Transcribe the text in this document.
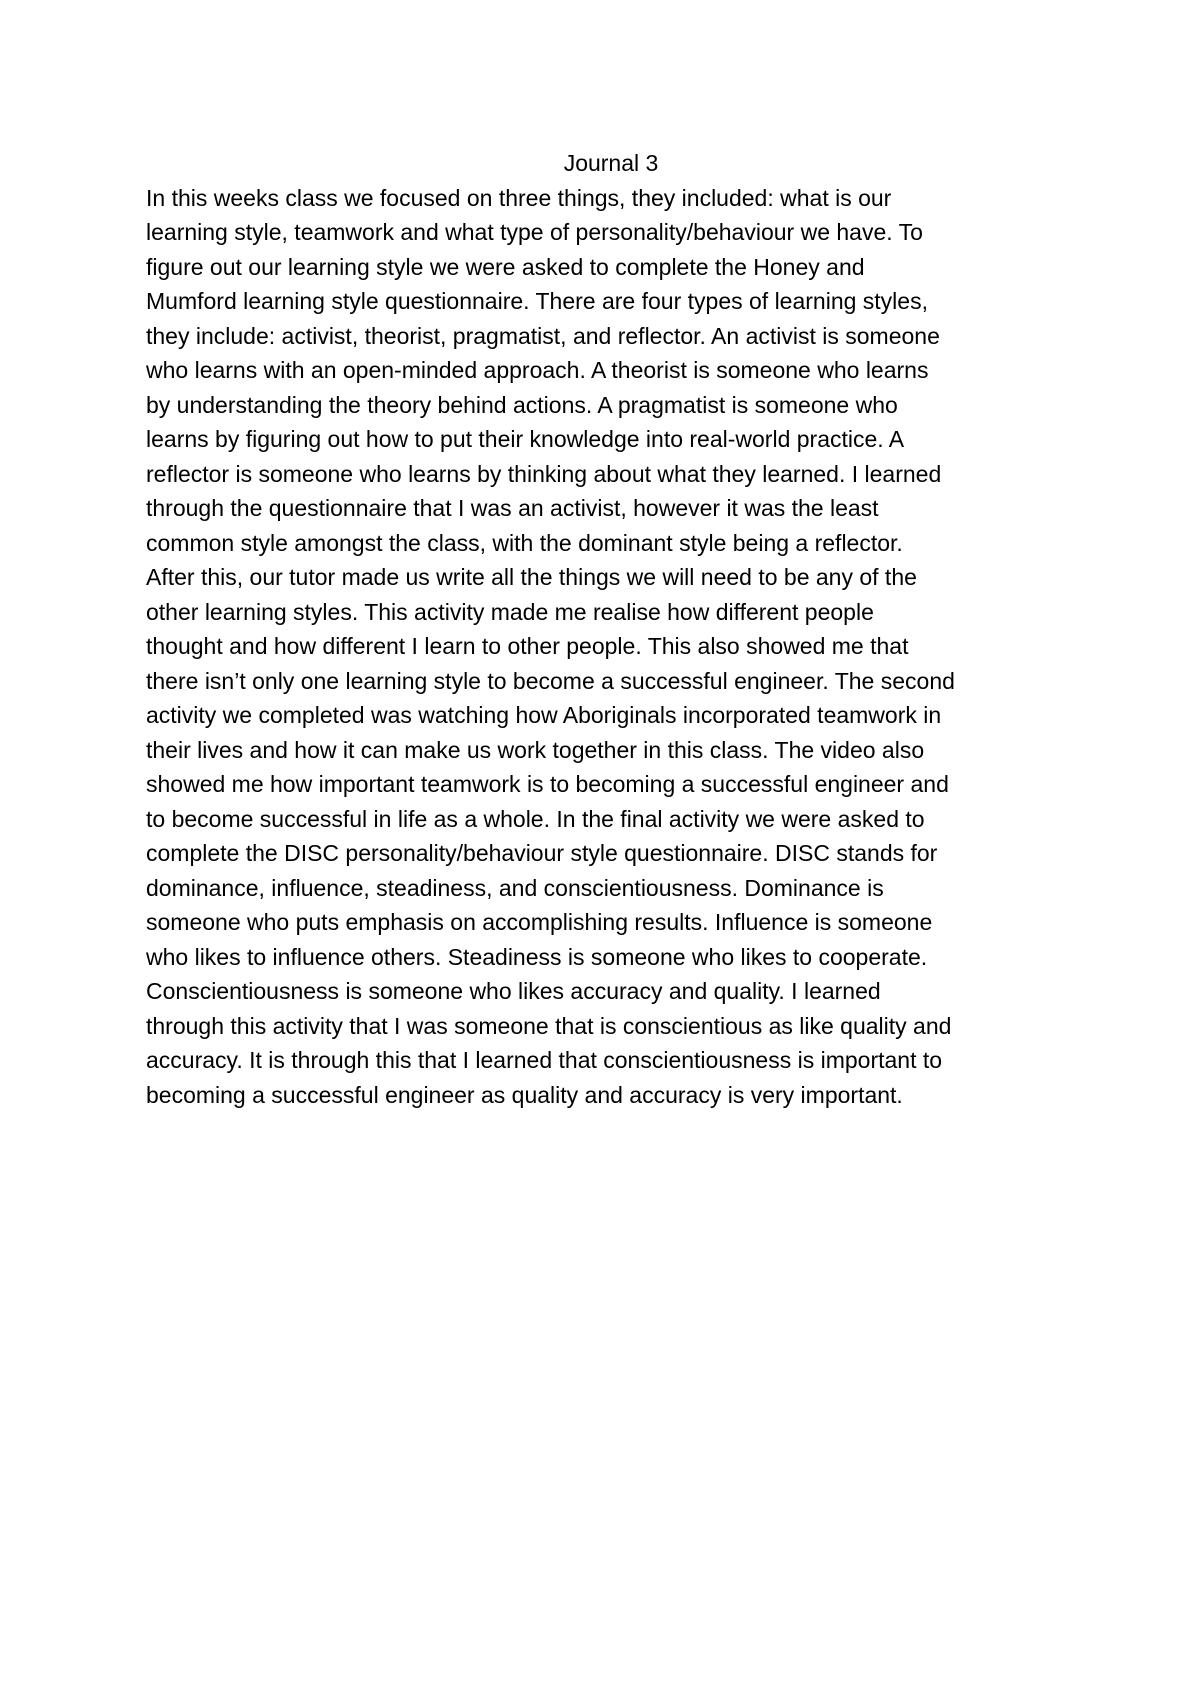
Journal 3
In this weeks class we focused on three things, they included: what is our
learning style, teamwork and what type of personality/behaviour we have. To
figure out our learning style we were asked to complete the Honey and
Mumford learning style questionnaire. There are four types of learning styles,
they include: activist, theorist, pragmatist, and reflector. An activist is someone
who learns with an open-minded approach. A theorist is someone who learns
by understanding the theory behind actions. A pragmatist is someone who
learns by figuring out how to put their knowledge into real-world practice. A
reflector is someone who learns by thinking about what they learned. I learned
through the questionnaire that I was an activist, however it was the least
common style amongst the class, with the dominant style being a reflector.
After this, our tutor made us write all the things we will need to be any of the
other learning styles. This activity made me realise how different people
thought and how different I learn to other people. This also showed me that
there isn’t only one learning style to become a successful engineer. The second
activity we completed was watching how Aboriginals incorporated teamwork in
their lives and how it can make us work together in this class. The video also
showed me how important teamwork is to becoming a successful engineer and
to become successful in life as a whole. In the final activity we were asked to
complete the DISC personality/behaviour style questionnaire. DISC stands for
dominance, influence, steadiness, and conscientiousness. Dominance is
someone who puts emphasis on accomplishing results. Influence is someone
who likes to influence others. Steadiness is someone who likes to cooperate.
Conscientiousness is someone who likes accuracy and quality. I learned
through this activity that I was someone that is conscientious as like quality and
accuracy. It is through this that I learned that conscientiousness is important to
becoming a successful engineer as quality and accuracy is very important.
